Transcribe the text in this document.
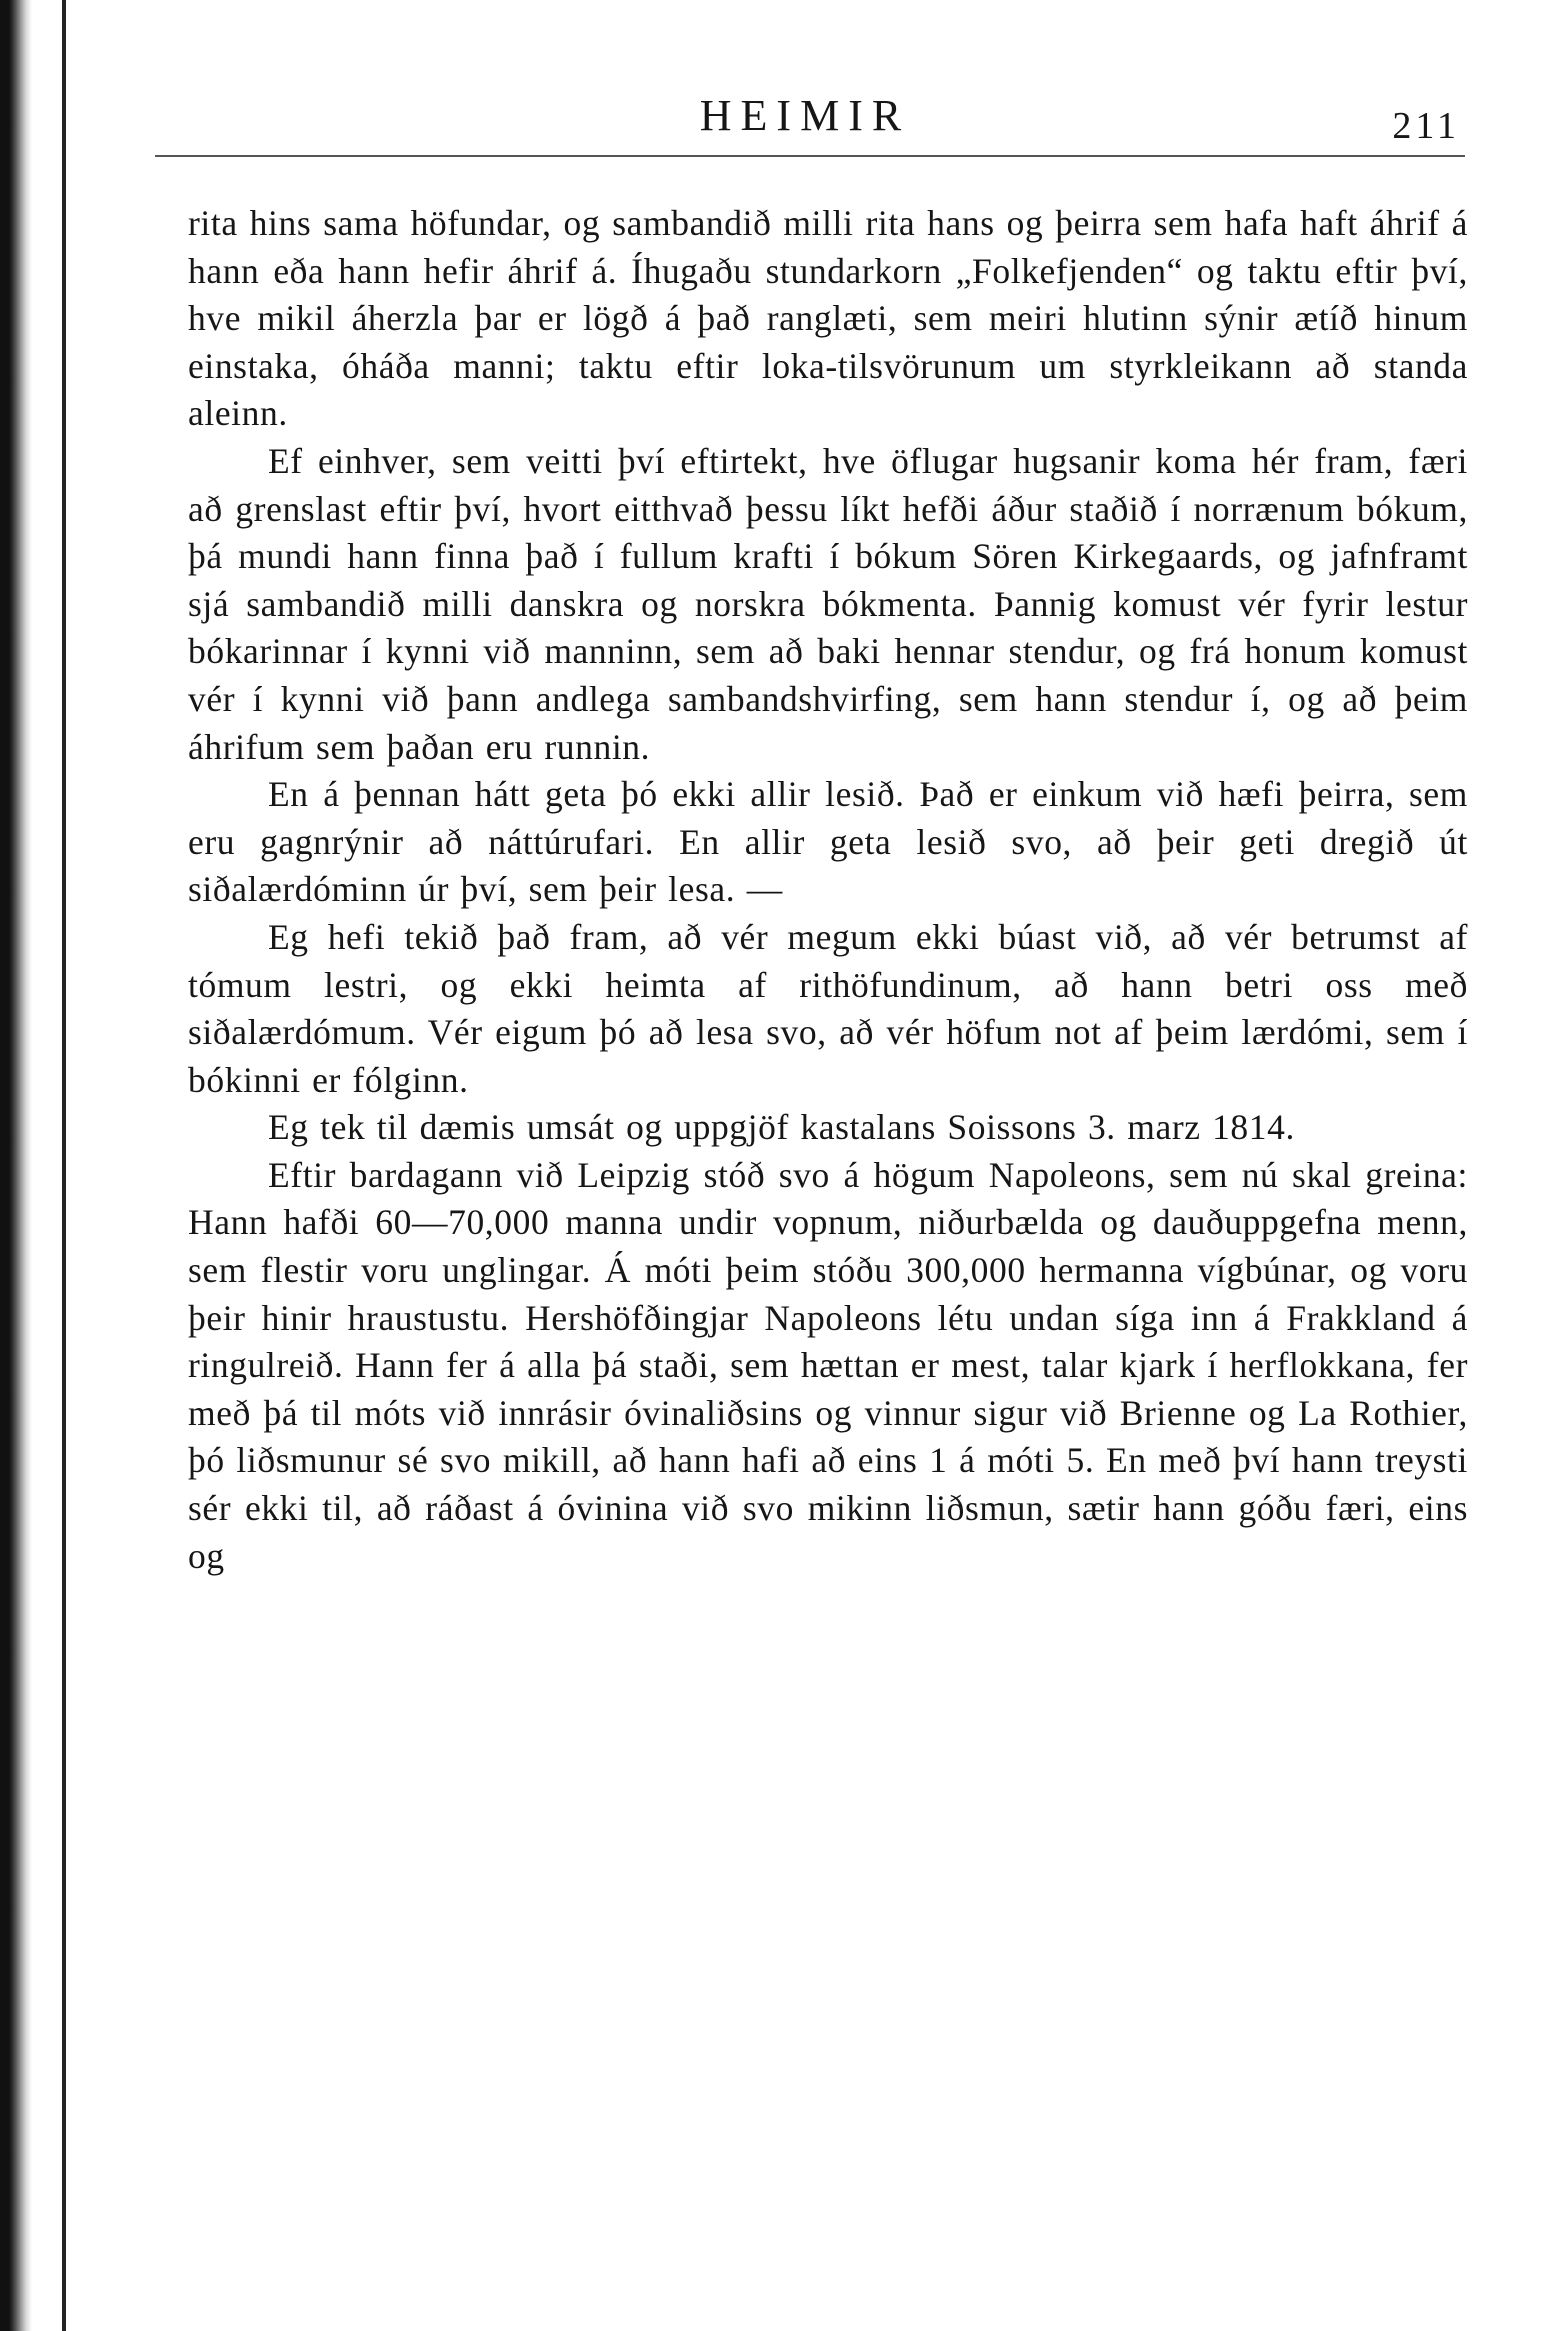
HEIMIR	211

rita hins sama höfundar, og sambandið milli rita hans og þeirra sem hafa haft áhrif á hann eða hann hefir áhrif á. Íhugaðu stundarkorn „Folkefjenden“ og taktu eftir því, hve mikil áherzla þar er lögð á það ranglæti, sem meiri hlutinn sýnir ætíð hinum einstaka, óháða manni; taktu eftir loka-tilsvörunum um styrkleikann að standa aleinn.

Ef einhver, sem veitti því eftirtekt, hve öflugar hugsanir koma hér fram, færi að grenslast eftir því, hvort eitthvað þessu líkt hefði áður staðið í norrænum bókum, þá mundi hann finna það í fullum krafti í bókum Sören Kirkegaards, og jafnframt sjá sambandið milli danskra og norskra bókmenta. Þannig komust vér fyrir lestur bókarinnar í kynni við manninn, sem að baki hennar stendur, og frá honum komust vér í kynni við þann andlega sambandshvirfing, sem hann stendur í, og að þeim áhrifum sem þaðan eru runnin.

En á þennan hátt geta þó ekki allir lesið. Það er einkum við hæfi þeirra, sem eru gagnrýnir að náttúrufari. En allir geta lesið svo, að þeir geti dregið út siðalærdóminn úr því, sem þeir lesa. —

Eg hefi tekið það fram, að vér megum ekki búast við, að vér betrumst af tómum lestri, og ekki heimta af rithöfundinum, að hann betri oss með siðalærdómum. Vér eigum þó að lesa svo, að vér höfum not af þeim lærdómi, sem í bókinni er fólginn.

Eg tek til dæmis umsát og uppgjöf kastalans Soissons 3. marz 1814.

Eftir bardagann við Leipzig stóð svo á högum Napoleons, sem nú skal greina: Hann hafði 60—70,000 manna undir vopnum, niðurbælda og dauðuppgefna menn, sem flestir voru unglingar. Á móti þeim stóðu 300,000 hermanna vígbúnar, og voru þeir hinir hraustustu. Hershöfðingjar Napoleons létu undan síga inn á Frakkland á ringulreið. Hann fer á alla þá staði, sem hættan er mest, talar kjark í herflokkana, fer með þá til móts við innrásir óvinaliðsins og vinnur sigur við Brienne og La Rothier, þó liðsmunur sé svo mikill, að hann hafi að eins 1 á móti 5. En með því hann treysti sér ekki til, að ráðast á óvinina við svo mikinn liðsmun, sætir hann góðu færi, eins og
